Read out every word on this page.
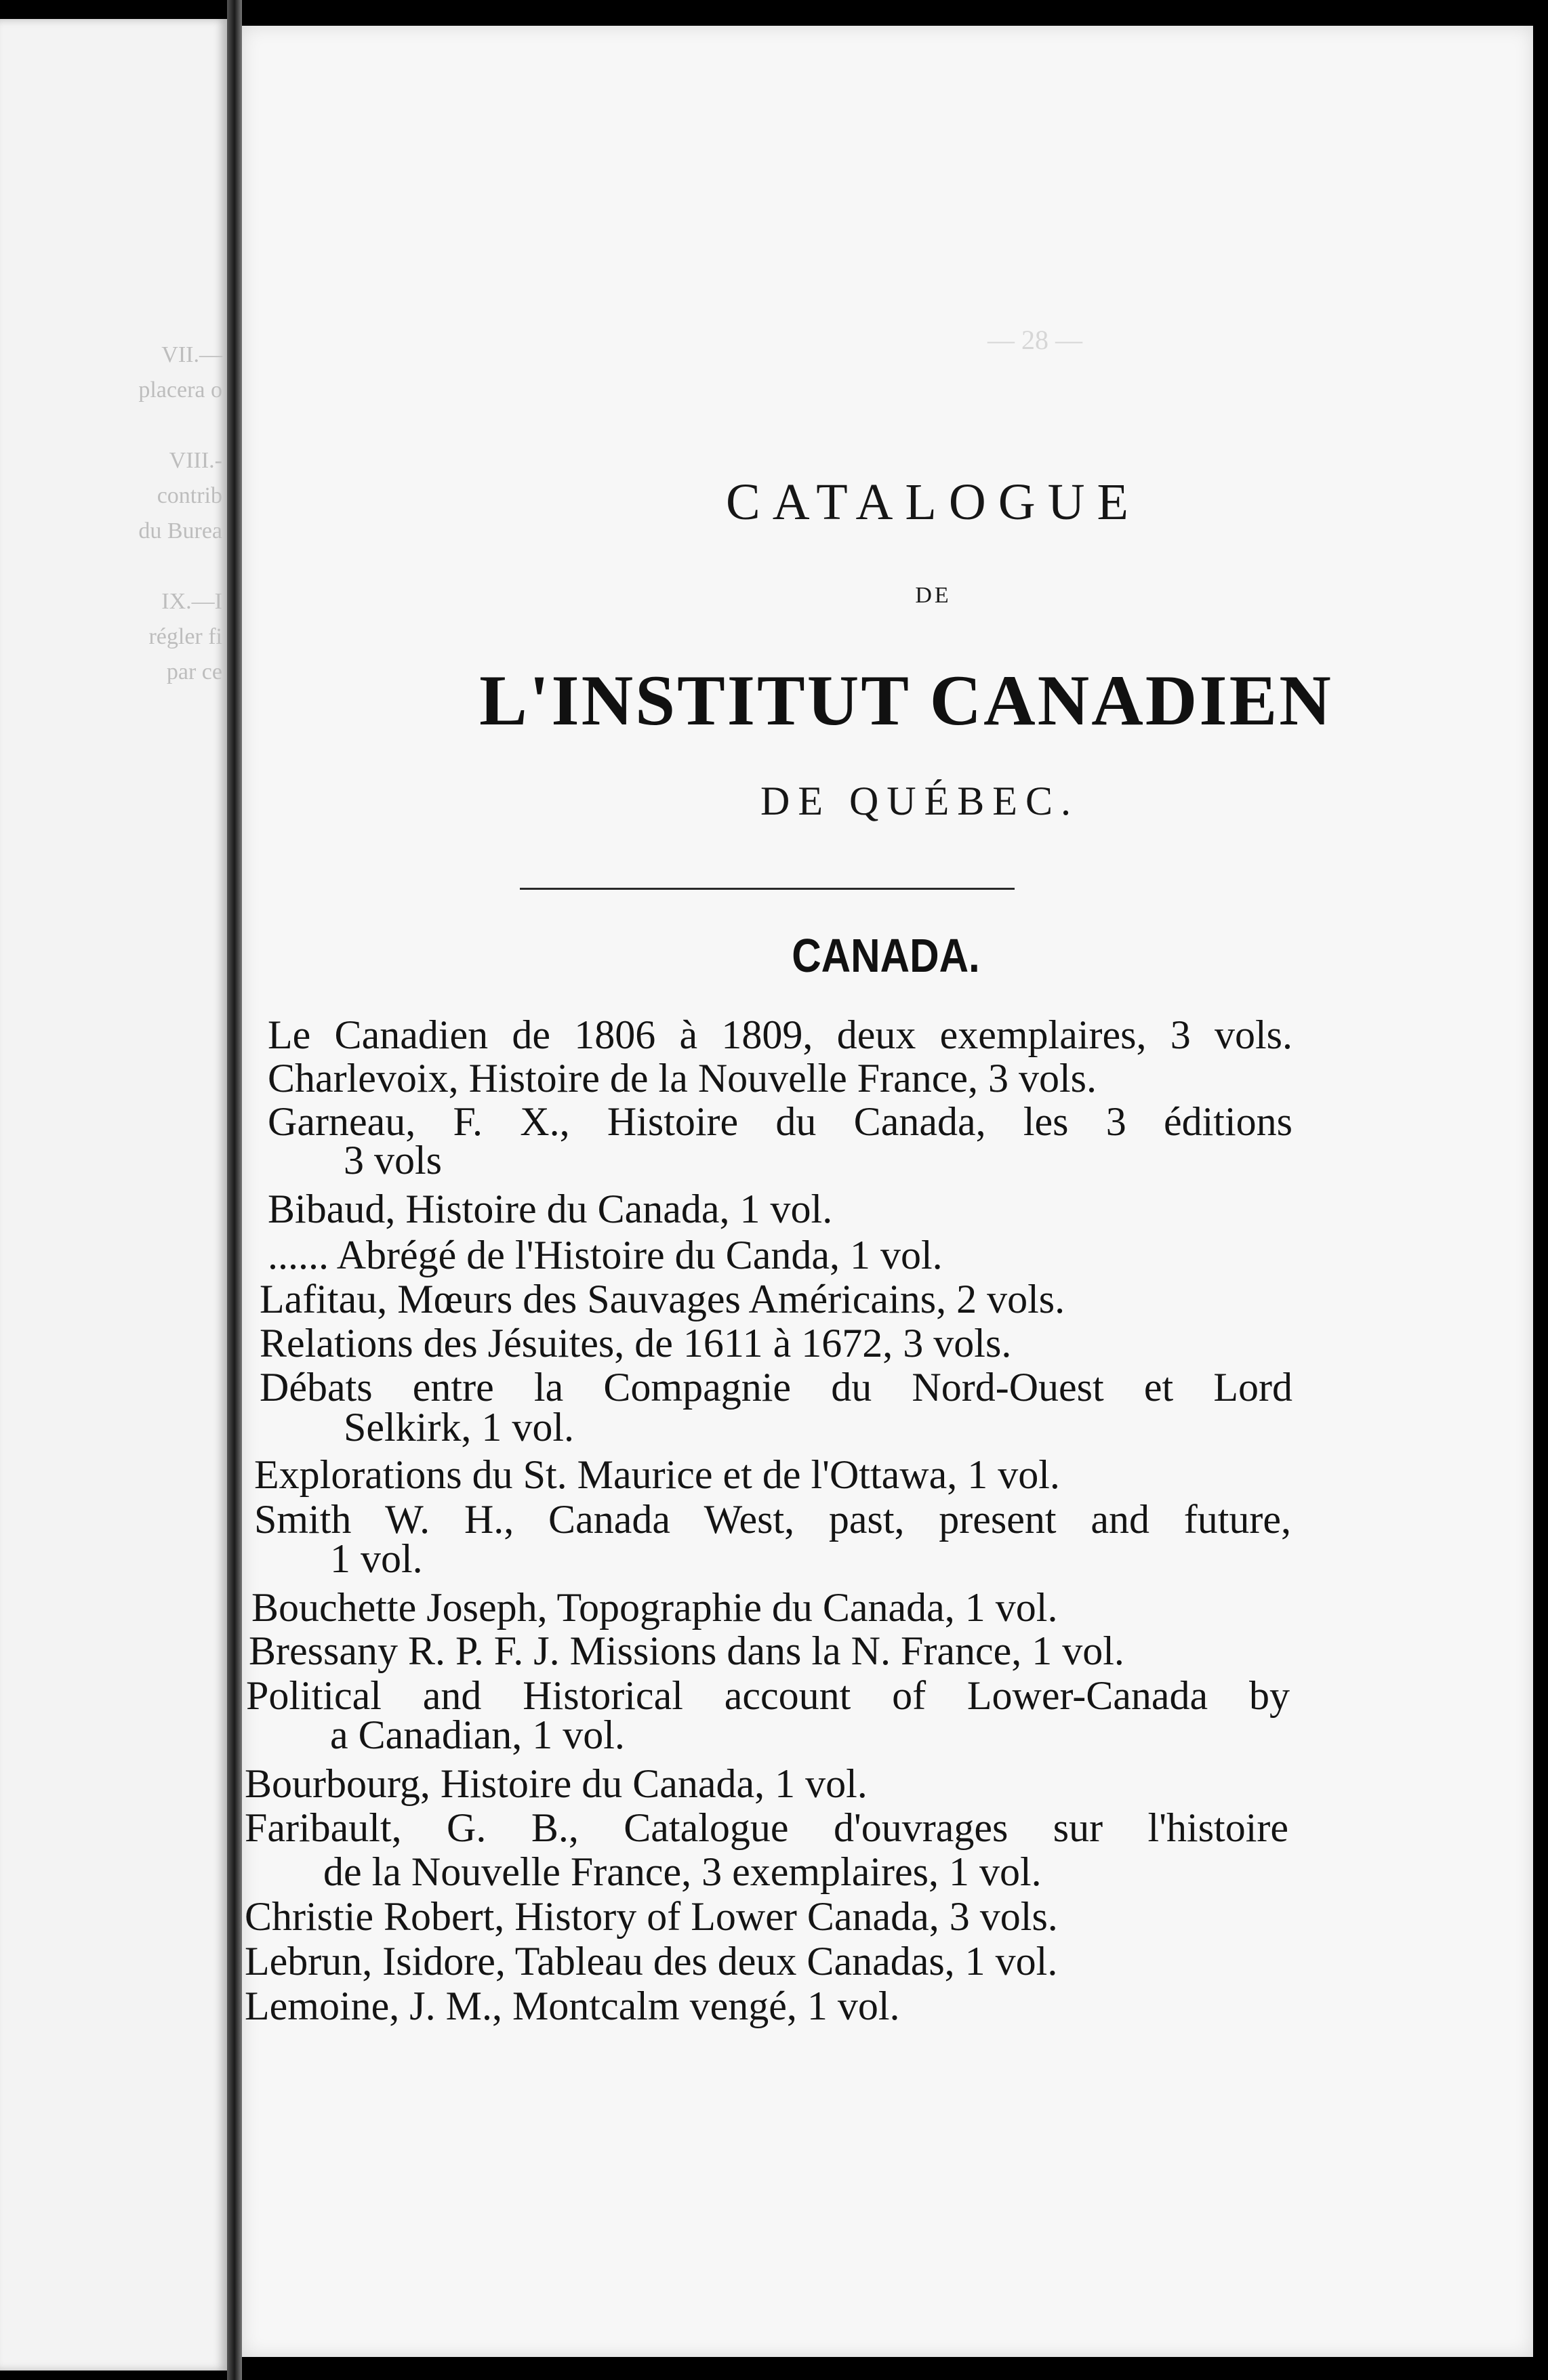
VII.—
placera o

VIII.-
contrib
du Burea

IX.—I
régler fi
par ce
— 28 —
CATALOGUE
DE
L'INSTITUT CANADIEN
DE QUÉBEC.
CANADA.
Le Canadien de 1806 à 1809, deux exemplaires, 3 vols.
Charlevoix, Histoire de la Nouvelle France, 3 vols.
Garneau, F. X., Histoire du Canada, les 3 éditions
3 vols
Bibaud, Histoire du Canada, 1 vol.
...... Abrégé de l'Histoire du Canda, 1 vol.
Lafitau, Mœurs des Sauvages Américains, 2 vols.
Relations des Jésuites, de 1611 à 1672, 3 vols.
Débats entre la Compagnie du Nord-Ouest et Lord
Selkirk, 1 vol.
Explorations du St. Maurice et de l'Ottawa, 1 vol.
Smith W. H., Canada West, past, present and future,
1 vol.
Bouchette Joseph, Topographie du Canada, 1 vol.
Bressany R. P. F. J. Missions dans la N. France, 1 vol.
Political and Historical account of Lower-Canada by
a Canadian, 1 vol.
Bourbourg, Histoire du Canada, 1 vol.
Faribault, G. B., Catalogue d'ouvrages sur l'histoire
de la Nouvelle France, 3 exemplaires, 1 vol.
Christie Robert, History of Lower Canada, 3 vols.
Lebrun, Isidore, Tableau des deux Canadas, 1 vol.
Lemoine, J. M., Montcalm vengé, 1 vol.
